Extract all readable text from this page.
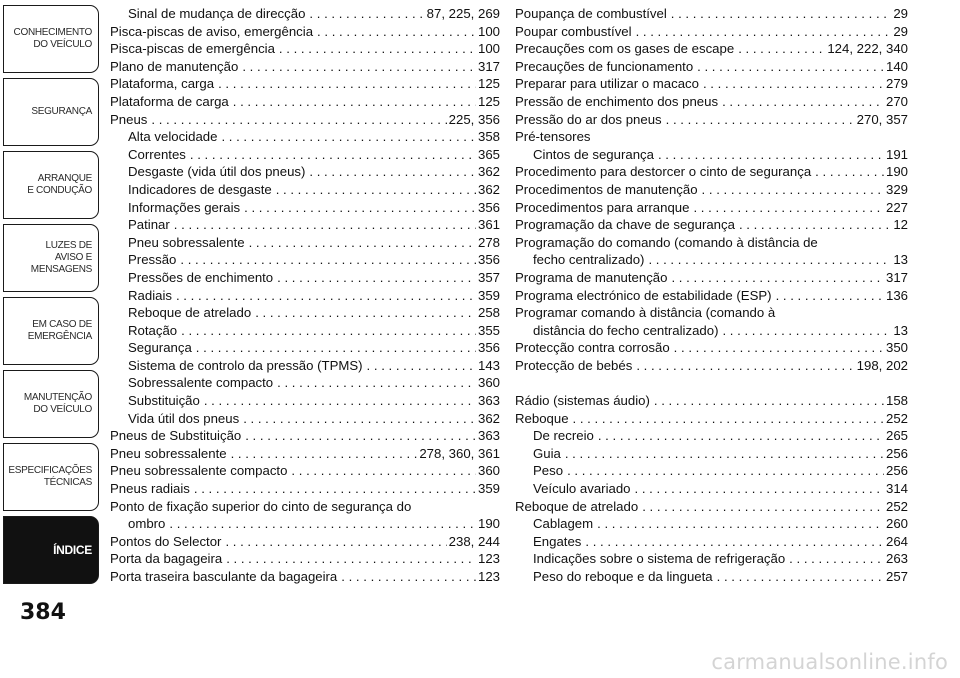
CONHECIMENTO
DO VEÍCULO
SEGURANÇA
ARRANQUE
E CONDUÇÃO
LUZES DE
AVISO E
MENSAGENS
EM CASO DE
EMERGÊNCIA
MANUTENÇÃO
DO VEÍCULO
ESPECIFICAÇÕES
TÉCNICAS
ÍNDICE
384
Sinal de mudança de direcção . . .	87, 225, 269
Pisca-piscas de aviso, emergência . . .	100
Pisca-piscas de emergência . . .	100
Plano de manutenção . . .	317
Plataforma, carga . . .	125
Plataforma de carga . . .	125
Pneus . . .	225, 356
Alta velocidade . . .	358
Correntes . . .	365
Desgaste (vida útil dos pneus) . . .	362
Indicadores de desgaste . . .	362
Informações gerais . . .	356
Patinar . . .	361
Pneu sobressalente . . .	278
Pressão . . .	356
Pressões de enchimento . . .	357
Radiais . . .	359
Reboque de atrelado . . .	258
Rotação . . .	355
Segurança . . .	356
Sistema de controlo da pressão (TPMS) . . .	143
Sobressalente compacto . . .	360
Substituição . . .	363
Vida útil dos pneus . . .	362
Pneus de Substituição . . .	363
Pneu sobressalente . . .	278, 360, 361
Pneu sobressalente compacto . . .	360
Pneus radiais . . .	359
Ponto de fixação superior do cinto de segurança do
ombro . . .	190
Pontos do Selector . . .	238, 244
Porta da bagageira . . .	123
Porta traseira basculante da bagageira . . .	123
Poupança de combustível . . .	29
Poupar combustível . . .	29
Precauções com os gases de escape . . .	124, 222, 340
Precauções de funcionamento . . .	140
Preparar para utilizar o macaco . . .	279
Pressão de enchimento dos pneus . . .	270
Pressão do ar dos pneus . . .	270, 357
Pré-tensores
Cintos de segurança . . .	191
Procedimento para destorcer o cinto de segurança . . .	190
Procedimentos de manutenção . . .	329
Procedimentos para arranque . . .	227
Programação da chave de segurança . . .	12
Programação do comando (comando à distância de
fecho centralizado) . . .	13
Programa de manutenção . . .	317
Programa electrónico de estabilidade (ESP) . . .	136
Programar comando à distância (comando à
distância do fecho centralizado) . . .	13
Protecção contra corrosão . . .	350
Protecção de bebés . . .	198, 202
Rádio (sistemas áudio) . . .	158
Reboque . . .	252
De recreio . . .	265
Guia . . .	256
Peso . . .	256
Veículo avariado . . .	314
Reboque de atrelado . . .	252
Cablagem . . .	260
Engates . . .	264
Indicações sobre o sistema de refrigeração . . .	263
Peso do reboque e da lingueta . . .	257
carmanualsonline.info
